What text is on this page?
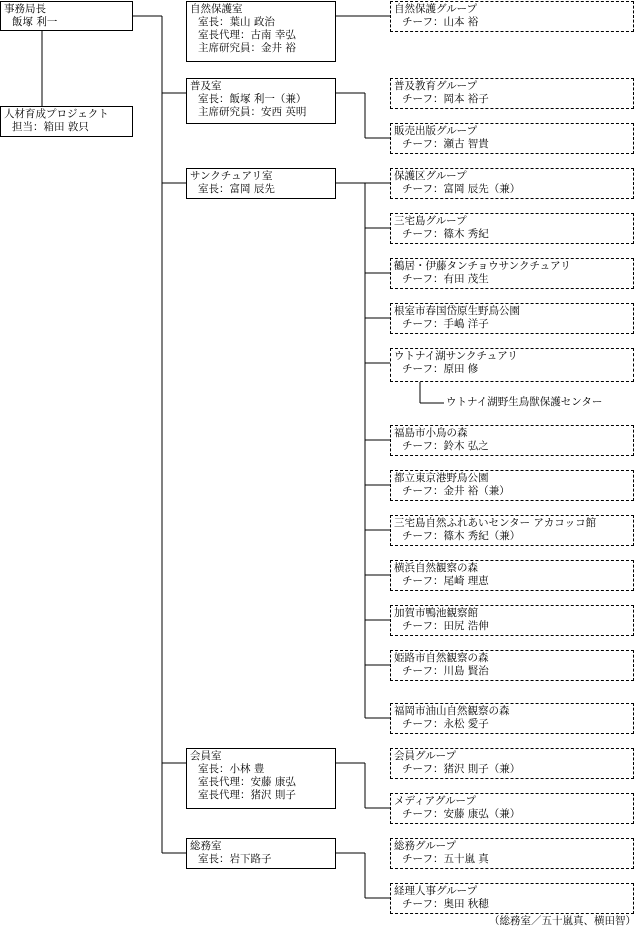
事務局長
飯塚 利一
人材育成プロジェクト
担当：箱田 敦只
自然保護室
室長：葉山 政治
室長代理：古南 幸弘
主席研究員：金井 裕
普及室
室長：飯塚 利一（兼）
主席研究員：安西 英明
サンクチュアリ室
室長：富岡 辰先
会員室
室長：小林 豊
室長代理：安藤 康弘
室長代理：猪沢 則子
総務室
室長：岩下路子
自然保護グループ
チーフ：山本 裕
普及教育グループ
チーフ：岡本 裕子
販売出版グループ
チーフ：瀬古 智貴
保護区グループ
チーフ：富岡 辰先（兼）
三宅島グループ
チーフ：篠木 秀紀
鶴居・伊藤タンチョウサンクチュアリ
チーフ：有田 茂生
根室市春国岱原生野鳥公園
チーフ：手嶋 洋子
ウトナイ湖サンクチュアリ
チーフ：原田 修
ウトナイ湖野生鳥獣保護センター
福島市小鳥の森
チーフ：鈴木 弘之
都立東京港野鳥公園
チーフ：金井 裕（兼）
三宅島自然ふれあいセンター アカコッコ館
チーフ：篠木 秀紀（兼）
横浜自然観察の森
チーフ：尾崎 理恵
加賀市鴨池観察館
チーフ：田尻 浩伸
姫路市自然観察の森
チーフ：川島 賢治
福岡市油山自然観察の森
チーフ：永松 愛子
会員グループ
チーフ：猪沢 則子（兼）
メディアグループ
チーフ：安藤 康弘（兼）
総務グループ
チーフ：五十嵐 真
経理人事グループ
チーフ：奥田 秋穂
（総務室／五十嵐真、横田智）
